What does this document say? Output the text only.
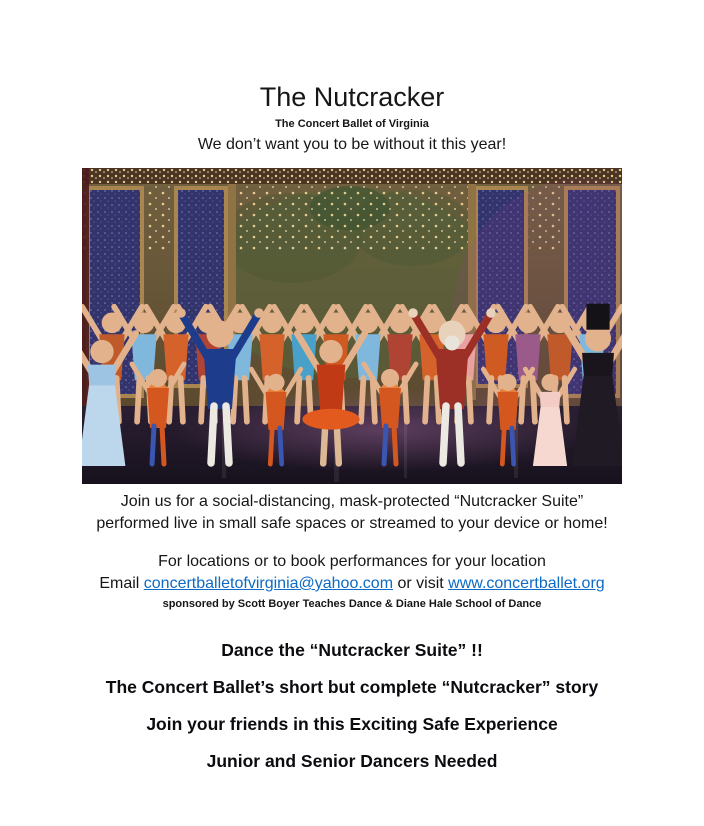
The Nutcracker
The Concert Ballet of Virginia
We don’t want you to be without it this year!
Join us for a social-distancing, mask-protected “Nutcracker Suite”
performed live in small safe spaces or streamed to your device or home!
For locations or to book performances for your location
Email concertballetofvirginia@yahoo.com or visit www.concertballet.org
sponsored by Scott Boyer Teaches Dance & Diane Hale School of Dance

Dance the “Nutcracker Suite” !!

The Concert Ballet’s short but complete “Nutcracker” story

Join your friends in this Exciting Safe Experience

Junior and Senior Dancers Needed
